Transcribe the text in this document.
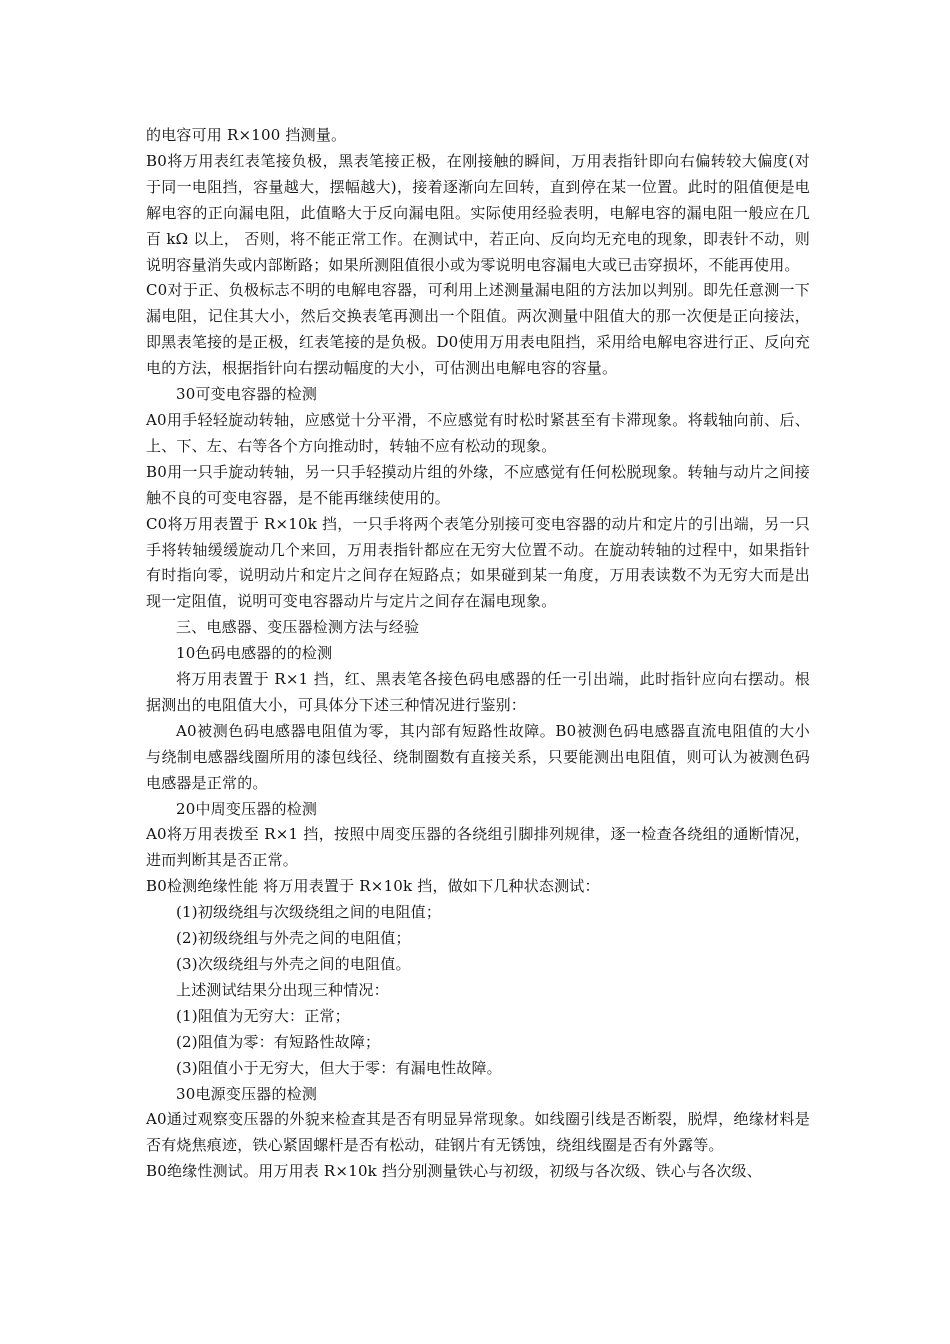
的电容可用 R×100 挡测量。

B0将万用表红表笔接负极，黑表笔接正极，在刚接触的瞬间，万用表指针即向右偏转较大偏度(对于同一电阻挡，容量越大，摆幅越大)，接着逐渐向左回转，直到停在某一位置。此时的阻值便是电解电容的正向漏电阻，此值略大于反向漏电阻。实际使用经验表明，电解电容的漏电阻一般应在几百 kΩ 以上， 否则，将不能正常工作。在测试中，若正向、反向均无充电的现象，即表针不动，则说明容量消失或内部断路；如果所测阻值很小或为零说明电容漏电大或已击穿损坏，不能再使用。

C0对于正、负极标志不明的电解电容器，可利用上述测量漏电阻的方法加以判别。即先任意测一下漏电阻，记住其大小，然后交换表笔再测出一个阻值。两次测量中阻值大的那一次便是正向接法，即黑表笔接的是正极，红表笔接的是负极。D0使用万用表电阻挡，采用给电解电容进行正、反向充电的方法，根据指针向右摆动幅度的大小，可估测出电解电容的容量。

30可变电容器的检测

A0用手轻轻旋动转轴，应感觉十分平滑，不应感觉有时松时紧甚至有卡滞现象。将载轴向前、后、上、下、左、右等各个方向推动时，转轴不应有松动的现象。

B0用一只手旋动转轴，另一只手轻摸动片组的外缘，不应感觉有任何松脱现象。转轴与动片之间接触不良的可变电容器，是不能再继续使用的。

C0将万用表置于 R×10k 挡，一只手将两个表笔分别接可变电容器的动片和定片的引出端，另一只手将转轴缓缓旋动几个来回，万用表指针都应在无穷大位置不动。在旋动转轴的过程中，如果指针有时指向零，说明动片和定片之间存在短路点；如果碰到某一角度，万用表读数不为无穷大而是出现一定阻值，说明可变电容器动片与定片之间存在漏电现象。

三、电感器、变压器检测方法与经验

10色码电感器的的检测

将万用表置于 R×1 挡，红、黑表笔各接色码电感器的任一引出端，此时指针应向右摆动。根据测出的电阻值大小，可具体分下述三种情况进行鉴别：

A0被测色码电感器电阻值为零，其内部有短路性故障。B0被测色码电感器直流电阻值的大小与绕制电感器线圈所用的漆包线径、绕制圈数有直接关系，只要能测出电阻值，则可认为被测色码电感器是正常的。

20中周变压器的检测

A0将万用表拨至 R×1 挡，按照中周变压器的各绕组引脚排列规律，逐一检查各绕组的通断情况，进而判断其是否正常。

B0检测绝缘性能 将万用表置于 R×10k 挡，做如下几种状态测试：

(1)初级绕组与次级绕组之间的电阻值；

(2)初级绕组与外壳之间的电阻值；

(3)次级绕组与外壳之间的电阻值。

上述测试结果分出现三种情况：

(1)阻值为无穷大：正常；

(2)阻值为零：有短路性故障；

(3)阻值小于无穷大，但大于零：有漏电性故障。

30电源变压器的检测

A0通过观察变压器的外貌来检查其是否有明显异常现象。如线圈引线是否断裂，脱焊，绝缘材料是否有烧焦痕迹，铁心紧固螺杆是否有松动，硅钢片有无锈蚀，绕组线圈是否有外露等。

B0绝缘性测试。用万用表 R×10k 挡分别测量铁心与初级，初级与各次级、铁心与各次级、
